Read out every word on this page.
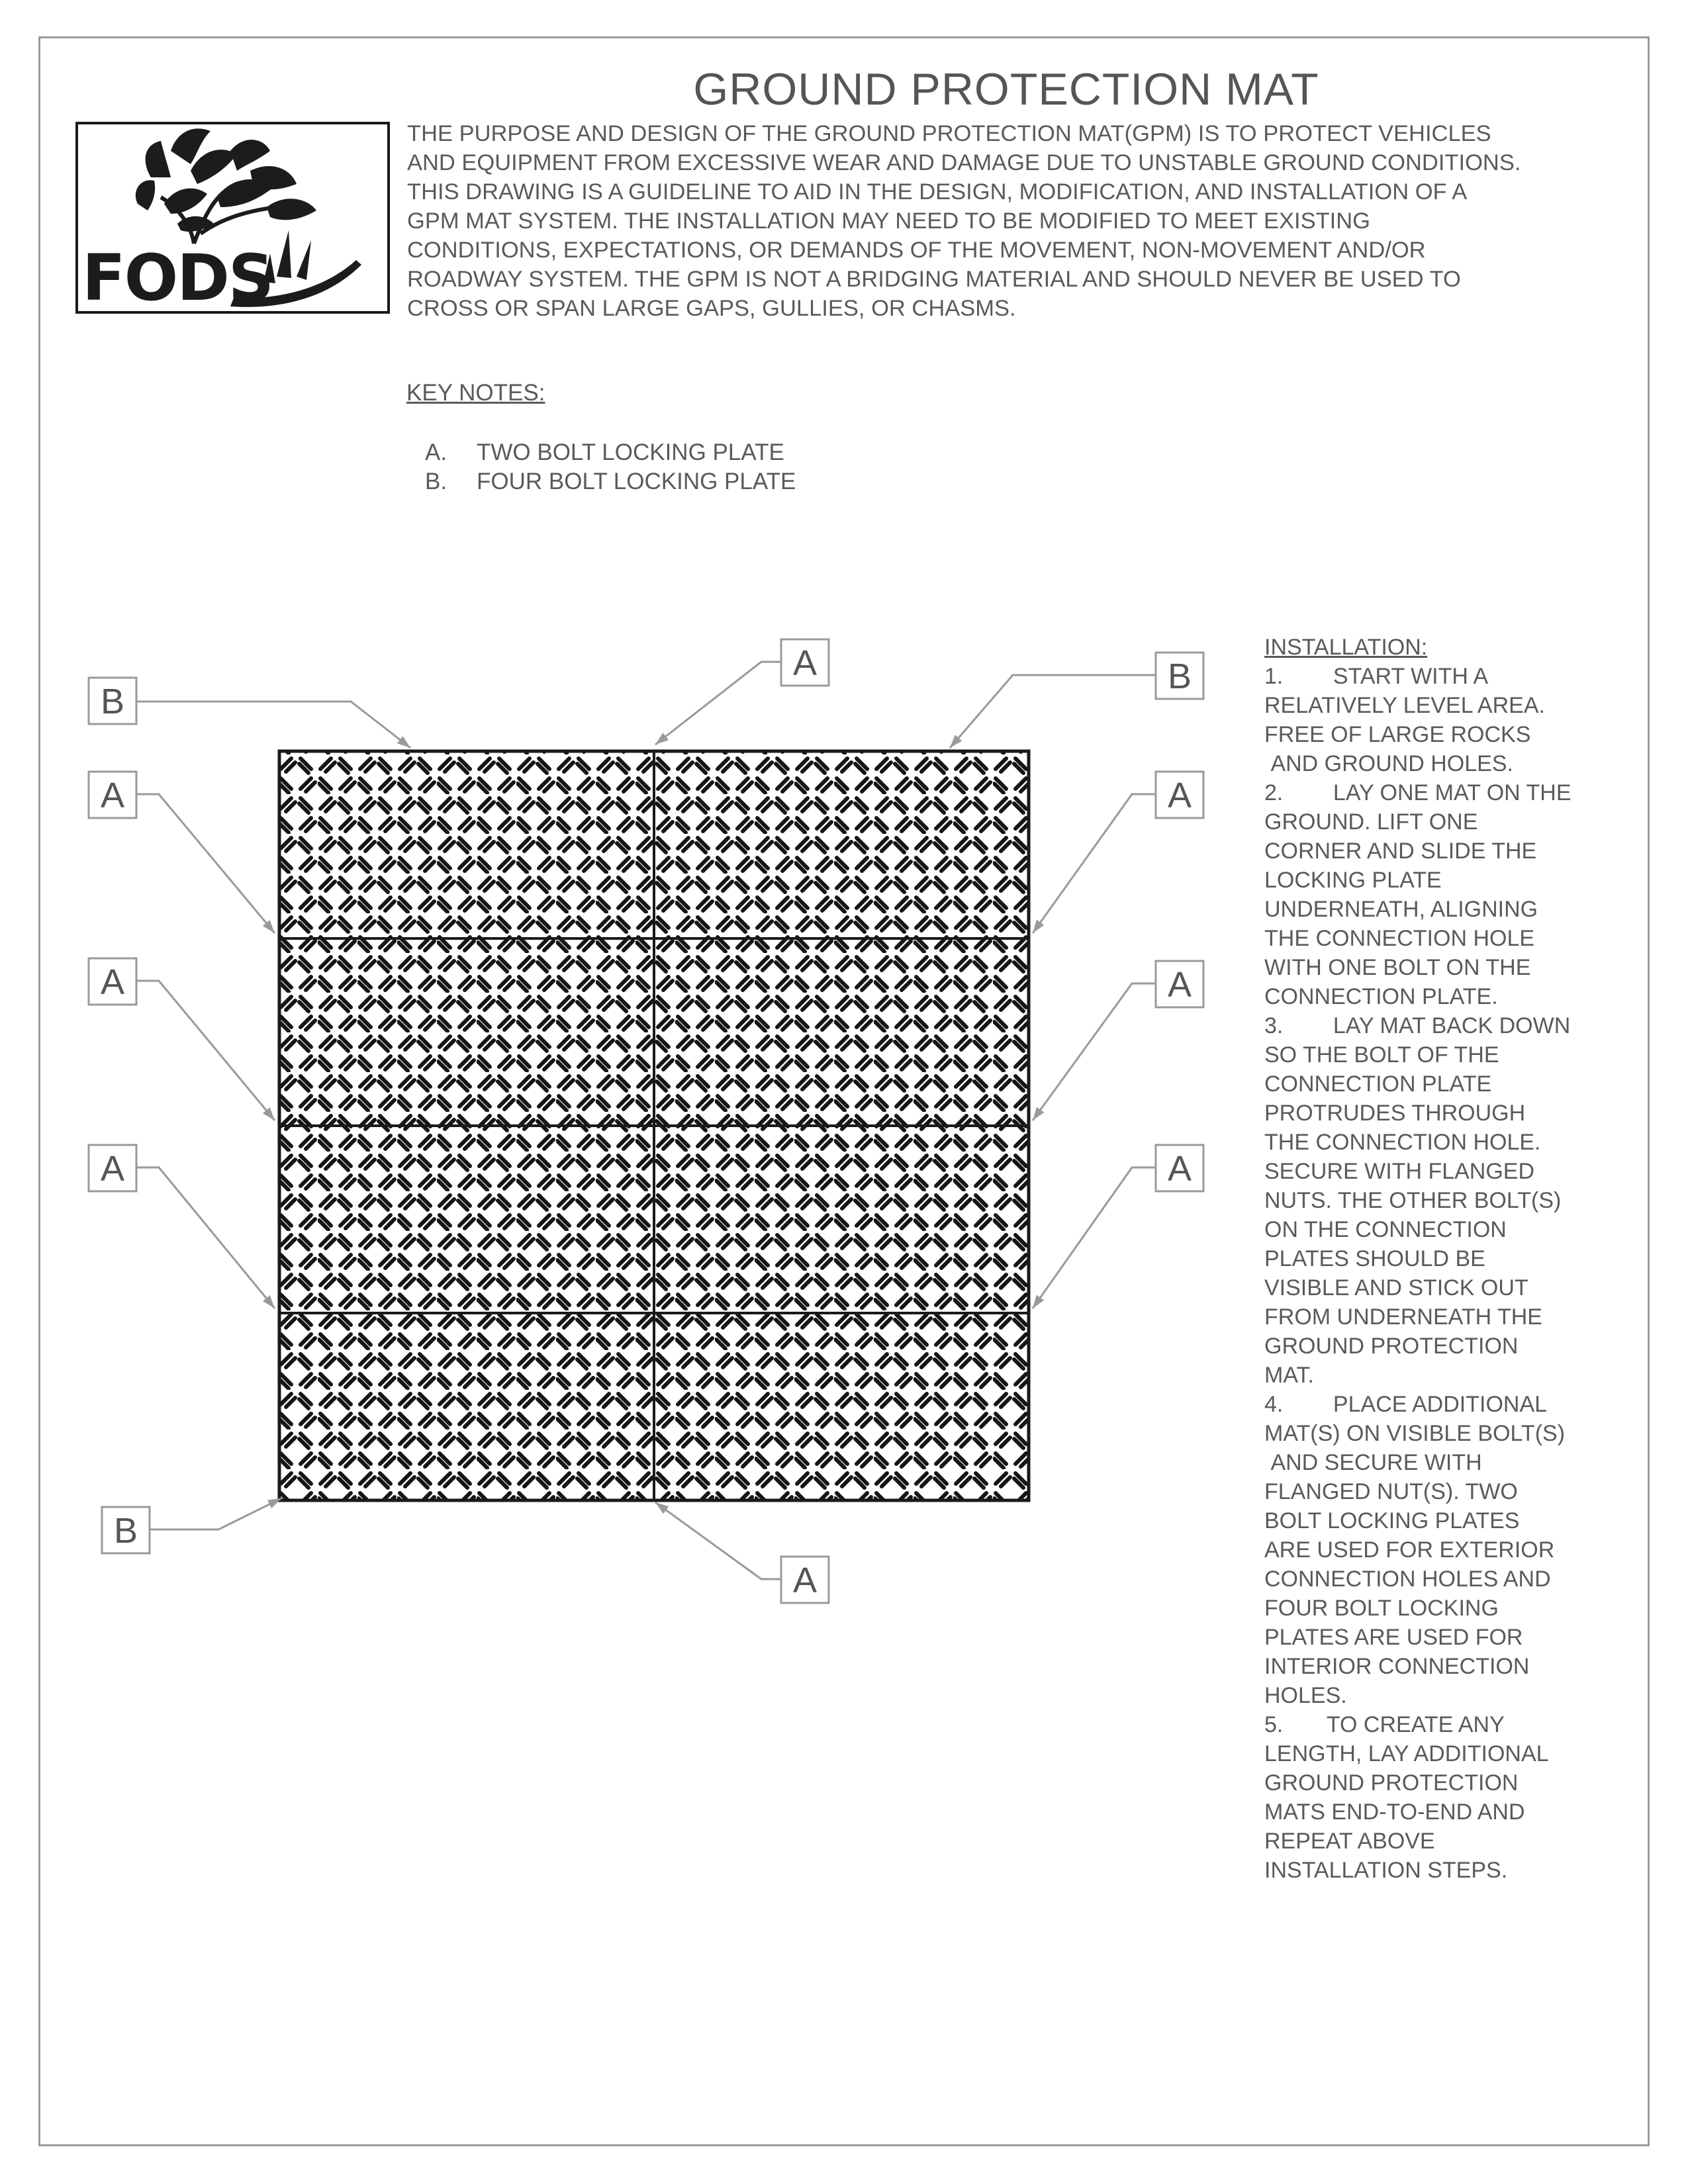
GROUND PROTECTION MAT
FODS
THE PURPOSE AND DESIGN OF THE GROUND PROTECTION MAT(GPM) IS TO PROTECT VEHICLES
AND EQUIPMENT FROM EXCESSIVE WEAR AND DAMAGE DUE TO UNSTABLE GROUND CONDITIONS.
THIS DRAWING IS A GUIDELINE TO AID IN THE DESIGN, MODIFICATION, AND INSTALLATION OF A
GPM MAT SYSTEM. THE INSTALLATION MAY NEED TO BE MODIFIED TO MEET EXISTING
CONDITIONS, EXPECTATIONS, OR DEMANDS OF THE MOVEMENT, NON-MOVEMENT AND/OR
ROADWAY SYSTEM. THE GPM IS NOT A BRIDGING MATERIAL AND SHOULD NEVER BE USED TO
CROSS OR SPAN LARGE GAPS, GULLIES, OR CHASMS.
KEY NOTES:
A. TWO BOLT LOCKING PLATE
B. FOUR BOLT LOCKING PLATE
INSTALLATION:
1.        START WITH A
RELATIVELY LEVEL AREA.
FREE OF LARGE ROCKS
AND GROUND HOLES.
2.        LAY ONE MAT ON THE
GROUND. LIFT ONE
CORNER AND SLIDE THE
LOCKING PLATE
UNDERNEATH, ALIGNING
THE CONNECTION HOLE
WITH ONE BOLT ON THE
CONNECTION PLATE.
3.        LAY MAT BACK DOWN
SO THE BOLT OF THE
CONNECTION PLATE
PROTRUDES THROUGH
THE CONNECTION HOLE.
SECURE WITH FLANGED
NUTS. THE OTHER BOLT(S)
ON THE CONNECTION
PLATES SHOULD BE
VISIBLE AND STICK OUT
FROM UNDERNEATH THE
GROUND PROTECTION
MAT.
4.        PLACE ADDITIONAL
MAT(S) ON VISIBLE BOLT(S)
AND SECURE WITH
FLANGED NUT(S). TWO
BOLT LOCKING PLATES
ARE USED FOR EXTERIOR
CONNECTION HOLES AND
FOUR BOLT LOCKING
PLATES ARE USED FOR
INTERIOR CONNECTION
HOLES.
5.       TO CREATE ANY
LENGTH, LAY ADDITIONAL
GROUND PROTECTION
MATS END-TO-END AND
REPEAT ABOVE
INSTALLATION STEPS.
B
A	B
A	A
A	A
A	A
B
A
